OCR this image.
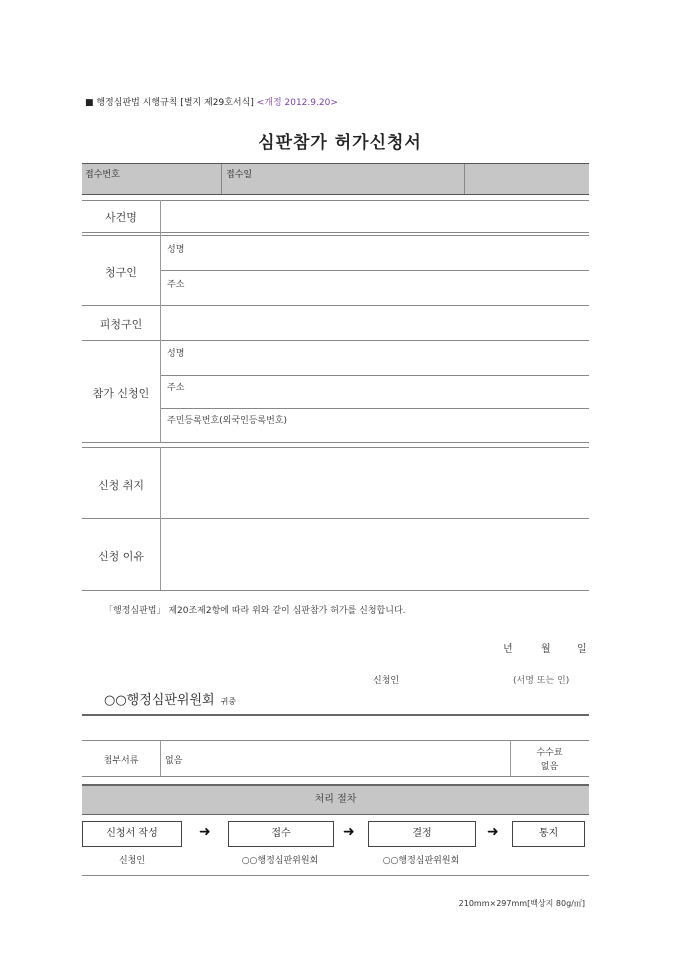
■ 행정심판법 시행규칙 [별지 제29호서식] <개정 2012.9.20>
심판참가 허가신청서
접수번호	접수일
사건명
청구인
성명
주소
피청구인
참가 신청인
성명
주소
주민등록번호(외국인등록번호)
신청 취지
신청 이유
「행정심판법」 제20조제2항에 따라 위와 같이 심판참가 허가를 신청합니다.
년	월	일
신청인	(서명 또는 인)
○○행정심판위원회 귀중
첨부서류	없음
수수료
없음
처리 절차
신청서 작성	➜	접수	➜	결정	➜	통지
신청인	○○행정심판위원회	○○행정심판위원회
210mm×297mm[백상지 80g/㎡]
